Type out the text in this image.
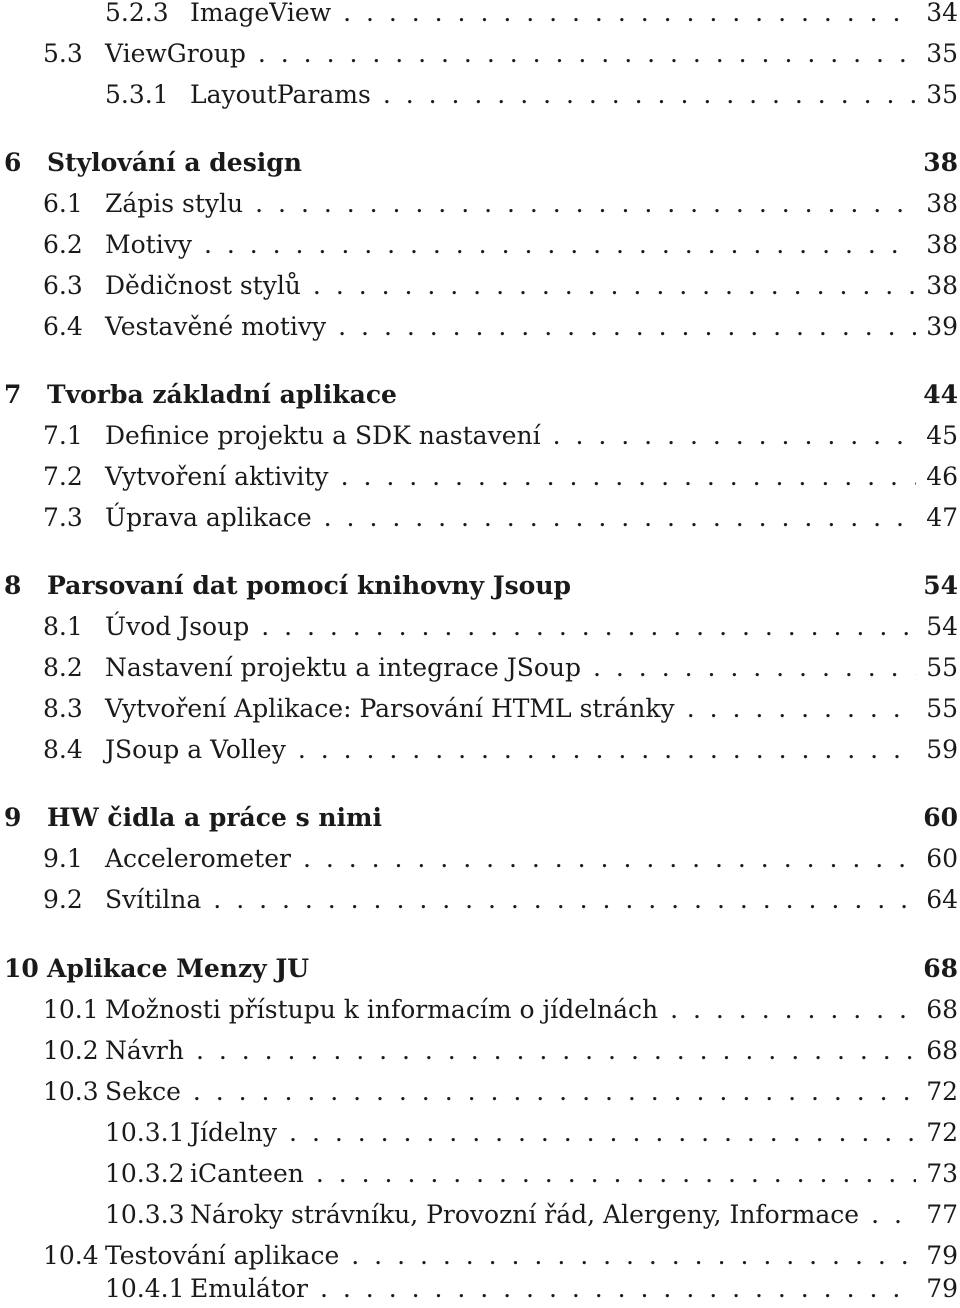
5.2.3 ImageView . . .	34
5.3 ViewGroup . . .	35
5.3.1 LayoutParams . . .	35
6	Stylování a design	38
6.1 Zápis stylu . . .	38
6.2 Motivy . . .	38
6.3 Dědičnost stylů . . .	38
6.4 Vestavěné motivy . . .	39
7	Tvorba základní aplikace	44
7.1 Definice projektu a SDK nastavení . . .	45
7.2 Vytvoření aktivity . . .	46
7.3 Úprava aplikace . . .	47
8	Parsovaní dat pomocí knihovny Jsoup	54
8.1 Úvod Jsoup . . .	54
8.2 Nastavení projektu a integrace JSoup . . .	55
8.3 Vytvoření Aplikace: Parsování HTML stránky . . .	55
8.4 JSoup a Volley . . .	59
9	HW čidla a práce s nimi	60
9.1 Accelerometer . . .	60
9.2 Svítilna . . .	64
10 Aplikace Menzy JU	68
10.1 Možnosti přístupu k informacím o jídelnách . . .	68
10.2 Návrh . . .	68
10.3 Sekce . . .	72
10.3.1 Jídelny . . .	72
10.3.2 iCanteen . . .	73
10.3.3 Nároky strávníku, Provozní řád, Alergeny, Informace . . .	77
10.4 Testování aplikace . . .	79
10.4.1 Emulátor . . .	79
